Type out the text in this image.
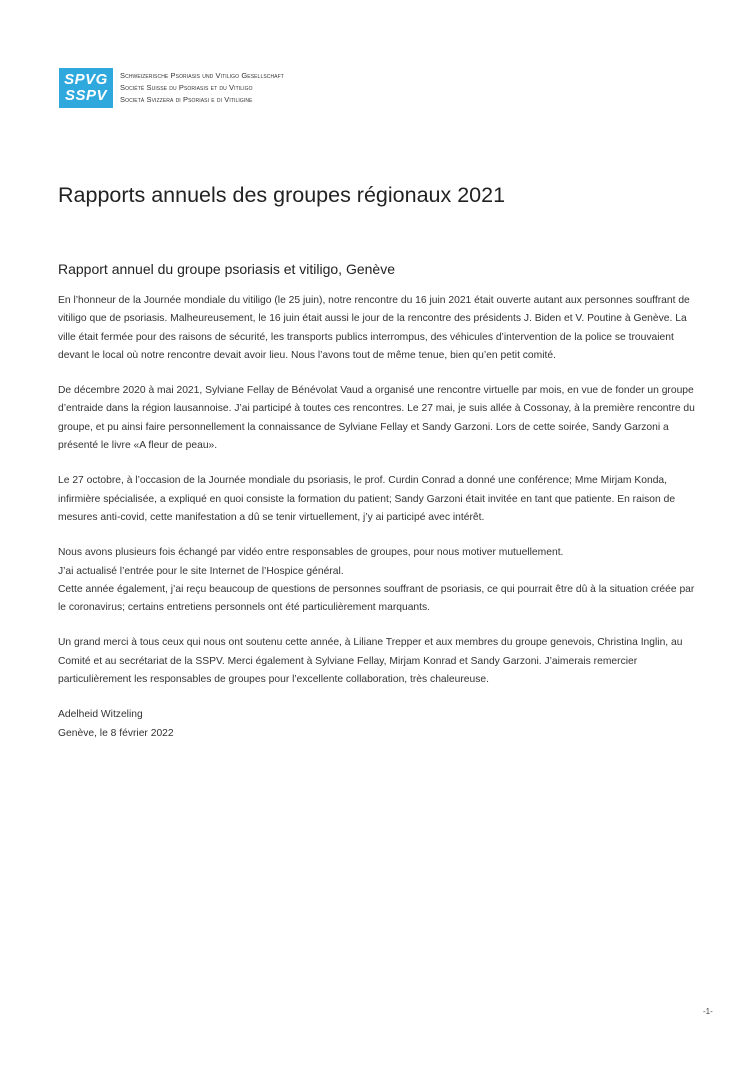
SPVG
SSPV
Schweizerische Psoriasis und Vitiligo Gesellschaft
Société Suisse du Psoriasis et du Vitiligo
Società Svizzera di Psoriasi e di Vitiligine
Rapports annuels des groupes régionaux 2021
Rapport annuel du groupe psoriasis et vitiligo, Genève

En l’honneur de la Journée mondiale du vitiligo (le 25 juin), notre rencontre du 16 juin 2021 était ouverte autant aux personnes souffrant de vitiligo que de psoriasis. Malheureusement, le 16 juin était aussi le jour de la rencontre des présidents J. Biden et V. Poutine à Genève. La ville était fermée pour des raisons de sécurité, les transports publics interrompus, des véhicules d’intervention de la police se trouvaient devant le local où notre rencontre devait avoir lieu. Nous l’avons tout de même tenue, bien qu’en petit comité.

De décembre 2020 à mai 2021, Sylviane Fellay de Bénévolat Vaud a organisé une rencontre virtuelle par mois, en vue de fonder un groupe d’entraide dans la région lausannoise. J’ai participé à toutes ces rencontres. Le 27 mai, je suis allée à Cossonay, à la première rencontre du groupe, et pu ainsi faire personnellement la connaissance de Sylviane Fellay et Sandy Garzoni. Lors de cette soirée, Sandy Garzoni a présenté le livre «A fleur de peau».

Le 27 octobre, à l’occasion de la Journée mondiale du psoriasis, le prof. Curdin Conrad a donné une conférence; Mme Mirjam Konda, infirmière spécialisée, a expliqué en quoi consiste la formation du patient; Sandy Garzoni était invitée en tant que patiente. En raison de mesures anti-covid, cette manifestation a dû se tenir virtuellement, j’y ai participé avec intérêt.

Nous avons plusieurs fois échangé par vidéo entre responsables de groupes, pour nous motiver mutuellement.

J’ai actualisé l’entrée pour le site Internet de l’Hospice général.

Cette année également, j’ai reçu beaucoup de questions de personnes souffrant de psoriasis, ce qui pourrait être dû à la situation créée par le coronavirus; certains entretiens personnels ont été particulièrement marquants.

Un grand merci à tous ceux qui nous ont soutenu cette année, à Liliane Trepper et aux membres du groupe genevois, Christina Inglin, au Comité et au secrétariat de la SSPV. Merci également à Sylviane Fellay, Mirjam Konrad et Sandy Garzoni. J’aimerais remercier particulièrement les responsables de groupes pour l’excellente collaboration, très chaleureuse.

Adelheid Witzeling
Genève, le 8 février 2022
-1-
